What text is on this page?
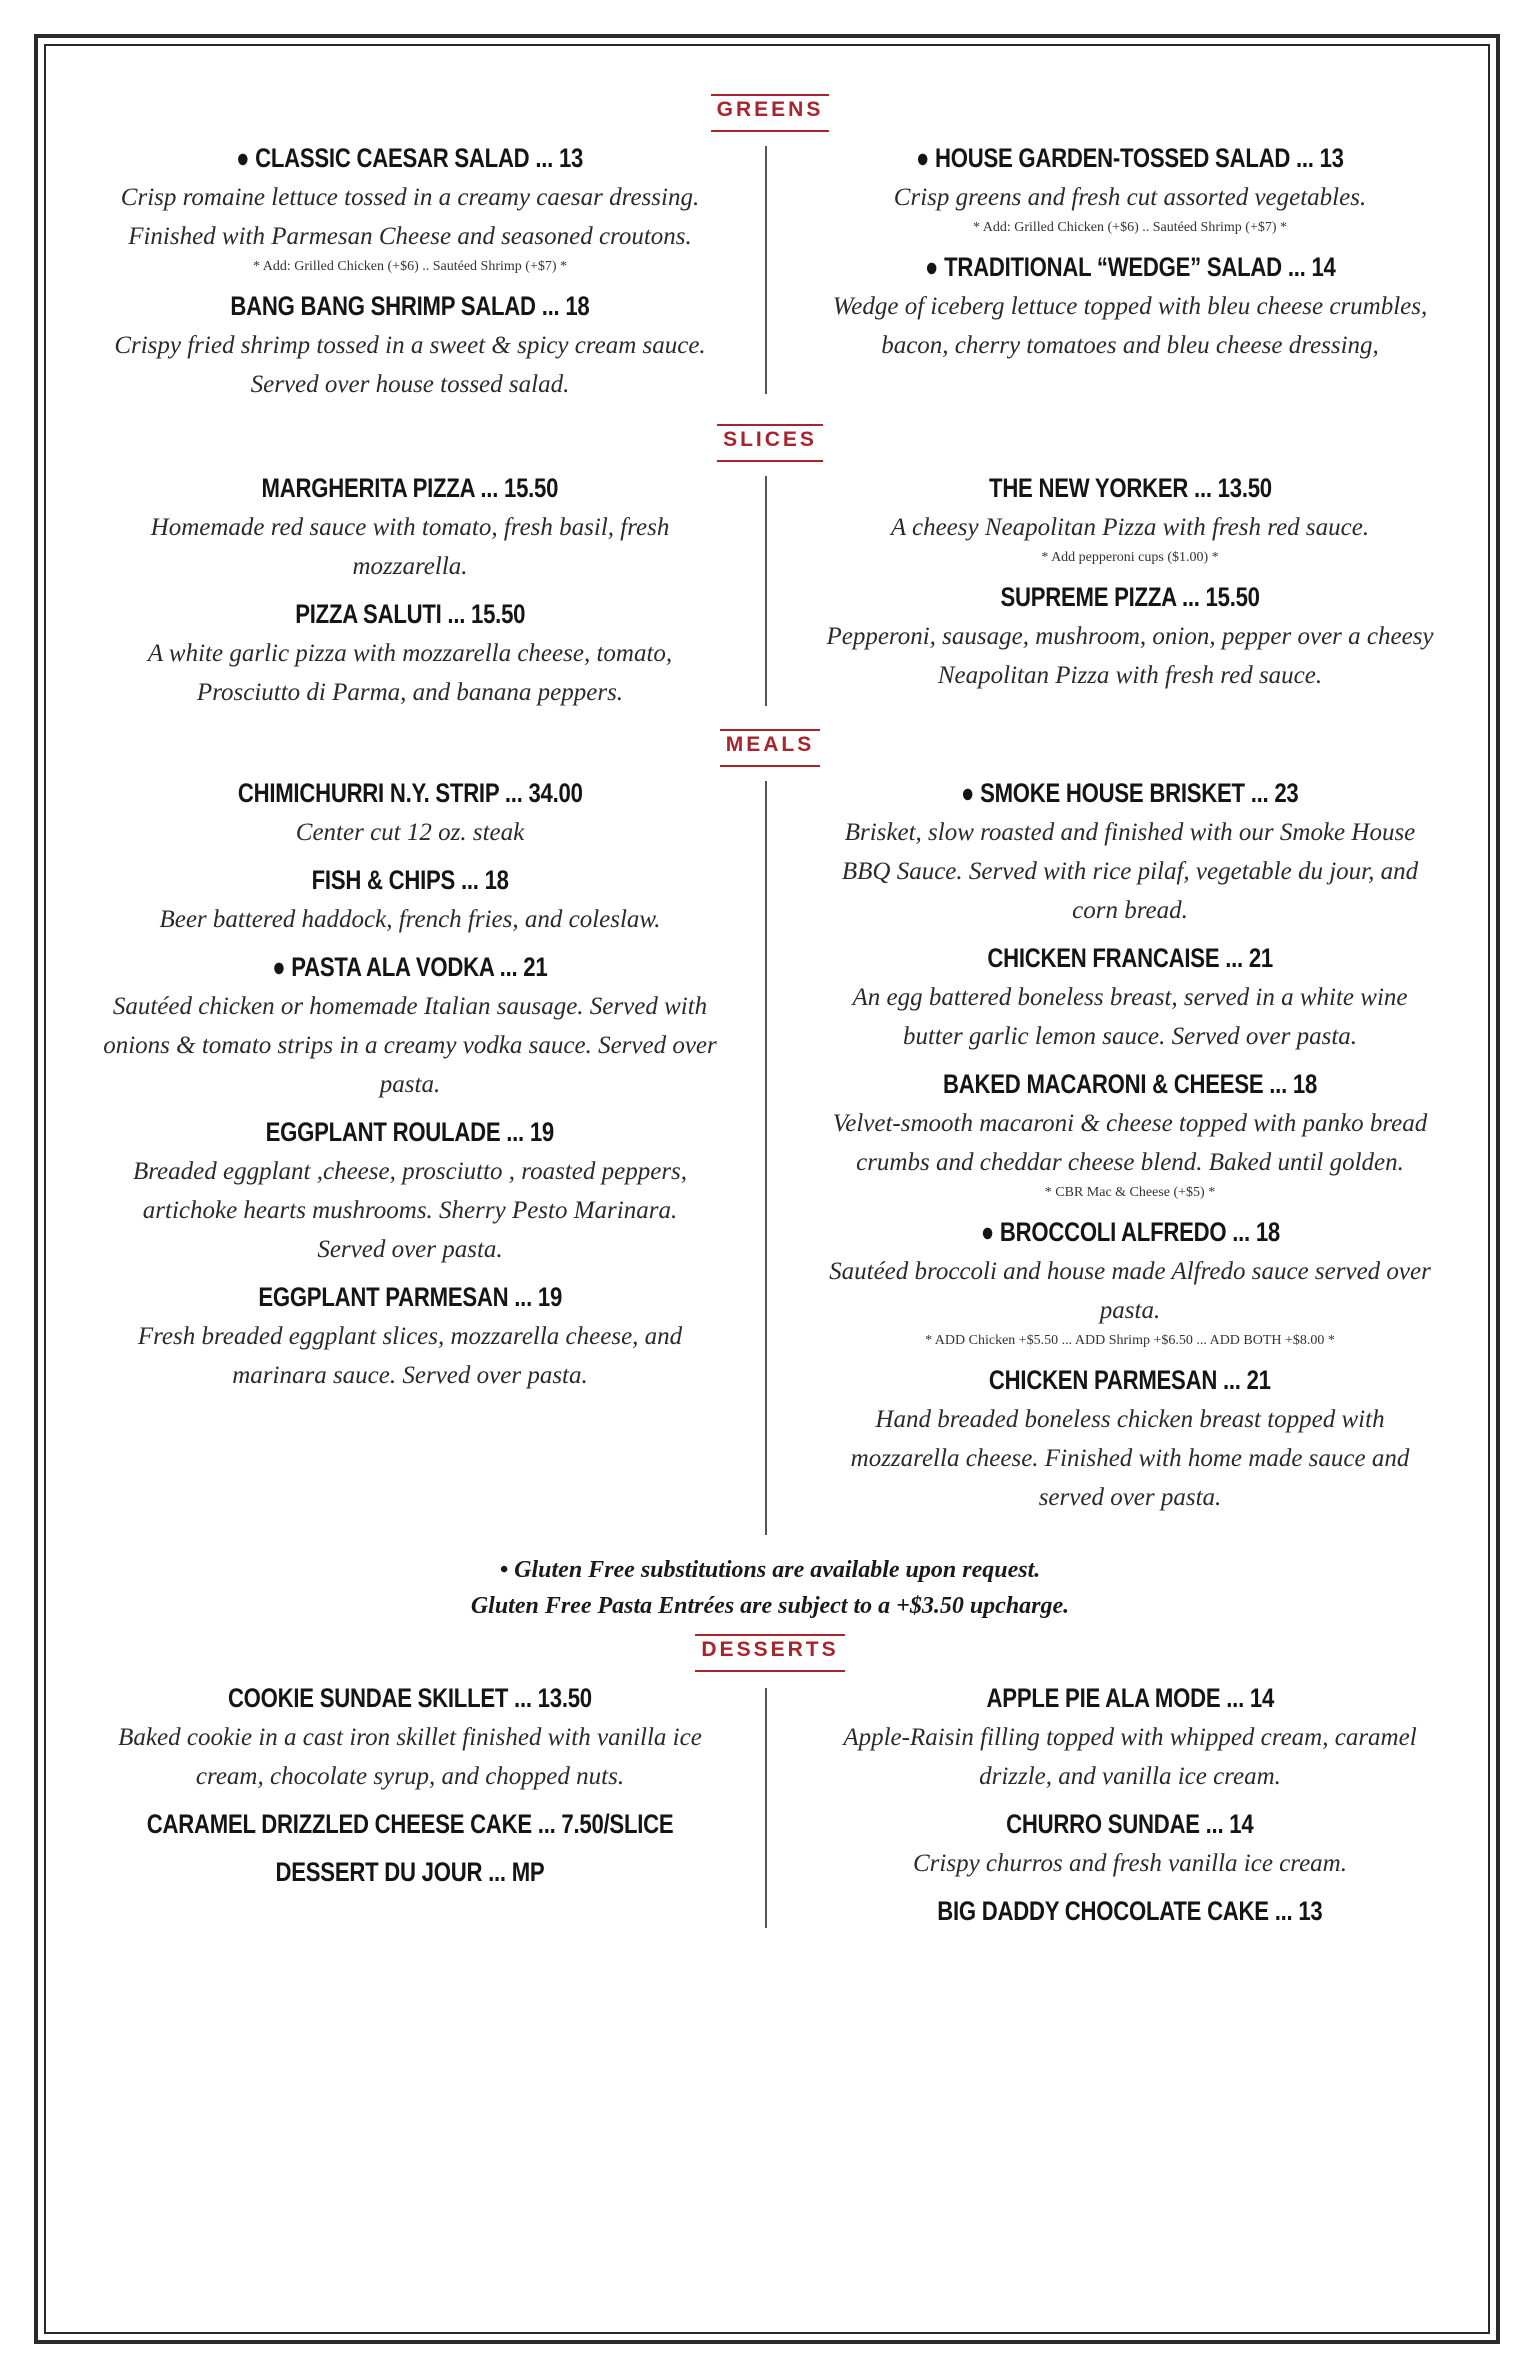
GREENS
● CLASSIC CAESAR SALAD ... 13
Crisp romaine lettuce tossed in a creamy caesar dressing.
Finished with Parmesan Cheese and seasoned croutons.
* Add: Grilled Chicken (+$6) .. Sautéed Shrimp (+$7) *
BANG BANG SHRIMP SALAD ... 18
Crispy fried shrimp tossed in a sweet & spicy cream sauce.
Served over house tossed salad.
● HOUSE GARDEN-TOSSED SALAD ... 13
Crisp greens and fresh cut assorted vegetables.
* Add: Grilled Chicken (+$6) .. Sautéed Shrimp (+$7) *
● TRADITIONAL “WEDGE” SALAD ... 14
Wedge of iceberg lettuce topped with bleu cheese crumbles,
bacon, cherry tomatoes and bleu cheese dressing,
SLICES
MARGHERITA PIZZA ... 15.50
Homemade red sauce with tomato, fresh basil, fresh
mozzarella.
PIZZA SALUTI ... 15.50
A white garlic pizza with mozzarella cheese, tomato,
Prosciutto di Parma, and banana peppers.
THE NEW YORKER ... 13.50
A cheesy Neapolitan Pizza with fresh red sauce.
* Add pepperoni cups ($1.00) *
SUPREME PIZZA ... 15.50
Pepperoni, sausage, mushroom, onion, pepper over a cheesy
Neapolitan Pizza with fresh red sauce.
MEALS
CHIMICHURRI N.Y. STRIP ... 34.00
Center cut 12 oz. steak
FISH & CHIPS ... 18
Beer battered haddock, french fries, and coleslaw.
● PASTA ALA VODKA ... 21
Sautéed chicken or homemade Italian sausage. Served with
onions & tomato strips in a creamy vodka sauce. Served over
pasta.
EGGPLANT ROULADE ... 19
Breaded eggplant ,cheese, prosciutto , roasted peppers,
artichoke hearts mushrooms. Sherry Pesto Marinara.
Served over pasta.
EGGPLANT PARMESAN ... 19
Fresh breaded eggplant slices, mozzarella cheese, and
marinara sauce. Served over pasta.
● SMOKE HOUSE BRISKET ... 23
Brisket, slow roasted and finished with our Smoke House
BBQ Sauce. Served with rice pilaf, vegetable du jour, and
corn bread.
CHICKEN FRANCAISE ... 21
An egg battered boneless breast, served in a white wine
butter garlic lemon sauce. Served over pasta.
BAKED MACARONI & CHEESE ... 18
Velvet-smooth macaroni & cheese topped with panko bread
crumbs and cheddar cheese blend. Baked until golden.
* CBR Mac & Cheese (+$5) *
● BROCCOLI ALFREDO ... 18
Sautéed broccoli and house made Alfredo sauce served over
pasta.
* ADD Chicken +$5.50 ... ADD Shrimp +$6.50 ... ADD BOTH +$8.00 *
CHICKEN PARMESAN ... 21
Hand breaded boneless chicken breast topped with
mozzarella cheese. Finished with home made sauce and
served over pasta.
• Gluten Free substitutions are available upon request.
Gluten Free Pasta Entrées are subject to a +$3.50 upcharge.
DESSERTS
COOKIE SUNDAE SKILLET ... 13.50
Baked cookie in a cast iron skillet finished with vanilla ice
cream, chocolate syrup, and chopped nuts.
CARAMEL DRIZZLED CHEESE CAKE ... 7.50/SLICE
DESSERT DU JOUR ... MP
APPLE PIE ALA MODE ... 14
Apple-Raisin filling topped with whipped cream, caramel
drizzle, and vanilla ice cream.
CHURRO SUNDAE ... 14
Crispy churros and fresh vanilla ice cream.
BIG DADDY CHOCOLATE CAKE ... 13
